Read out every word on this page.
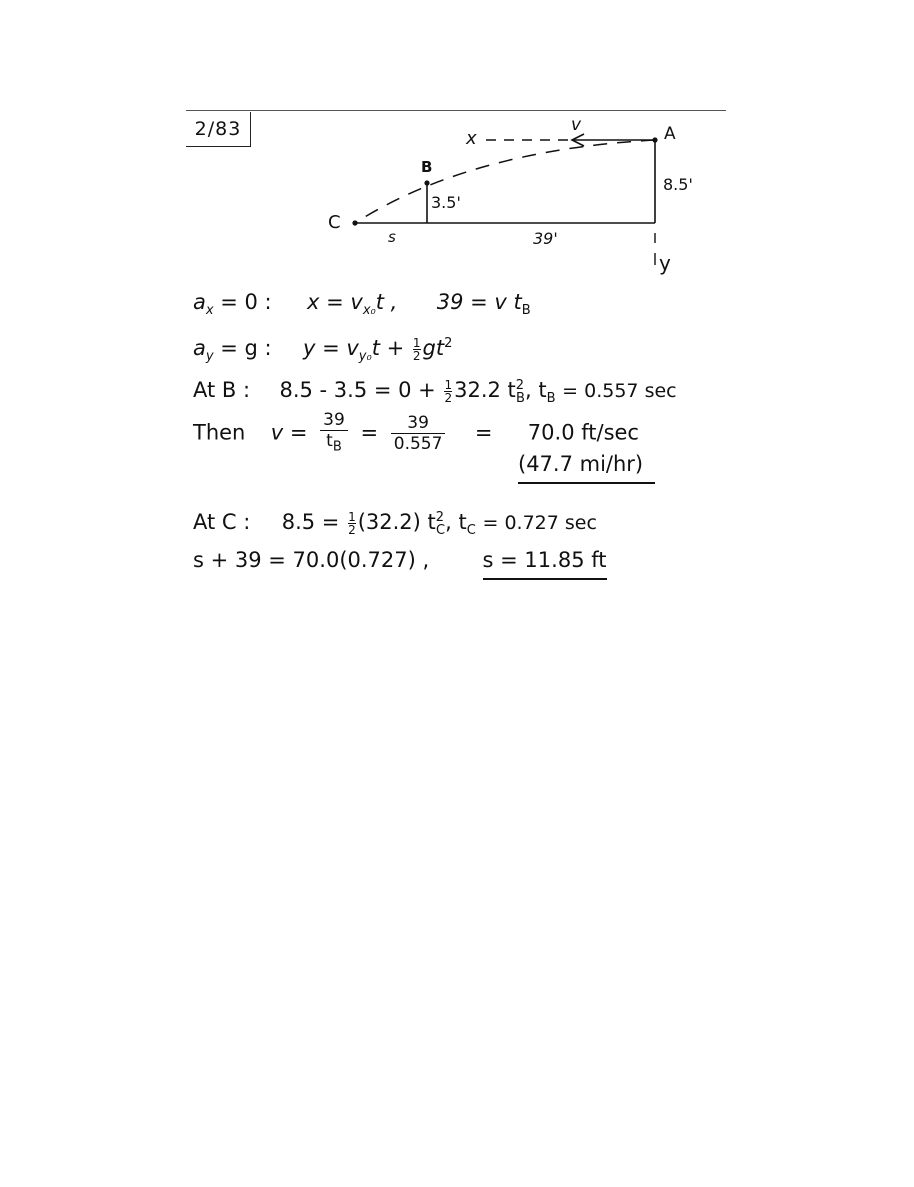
2/83	A
B
C
x
v
y
8.5'
3.5'
s	39'
$a_x = 0$ : $x = v_{x_0}t$ , 39 = v $t_B$
$a_y = g$ : $y = v_{y_0}t + \frac{1}{2} gt^2$
At B : $8.5 - 3.5 = 0 + \frac{1}{2} 32.2$ $t^2_B$, $t_B = 0.557$ sec
Then $v = \frac{39}{t_B} = \frac{39}{0.557} = 70.0$ ft/sec
(47.7 mi/hr)
At C : $8.5 = \frac{1}{2} (32.2)$ $t^2_C$, $t_C = 0.727$ sec
s + 39 = 70.0(0.727) ,	s = 11.85 ft
